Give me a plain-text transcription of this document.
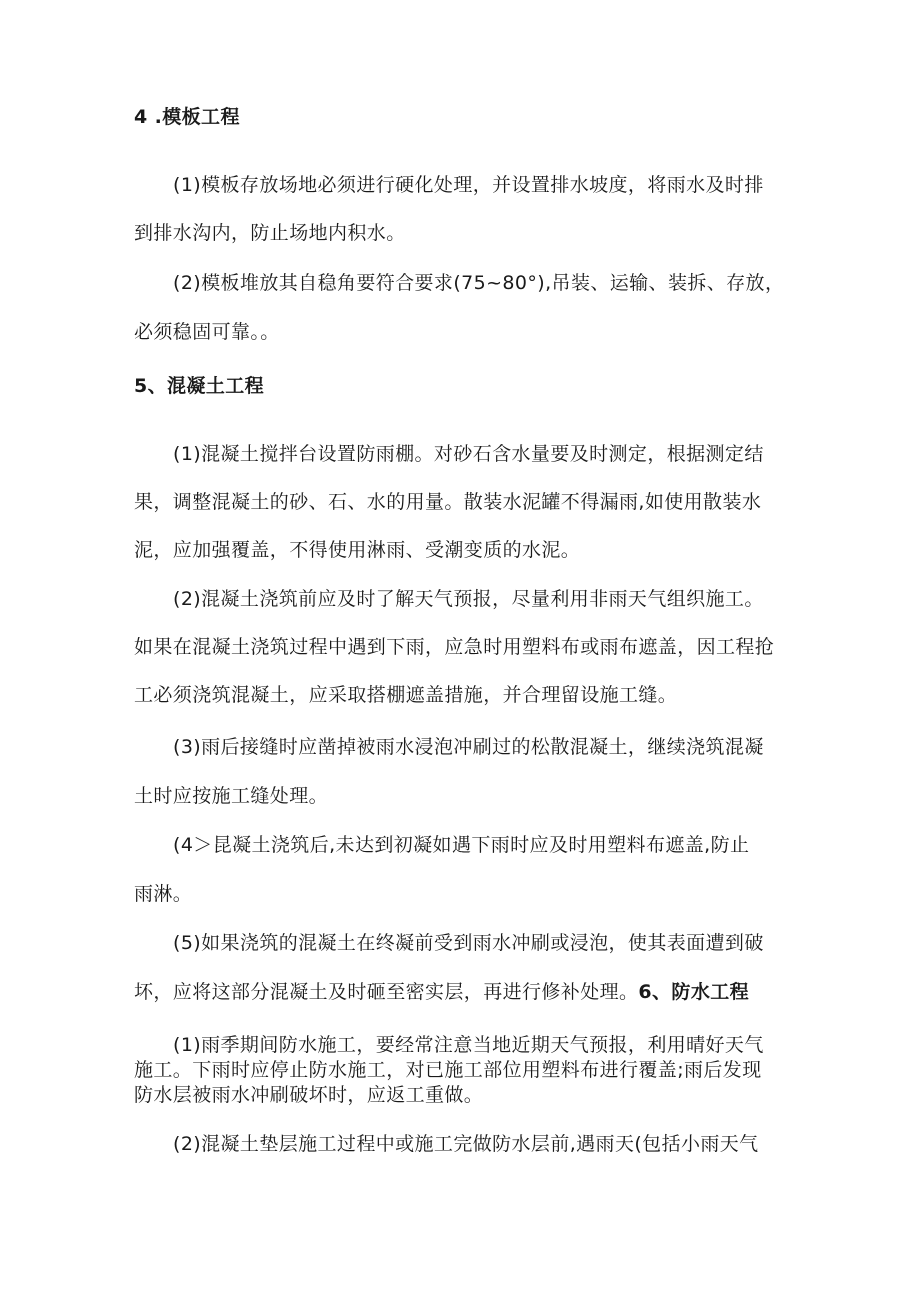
4 .模板工程

(1)模板存放场地必须进行硬化处理，并设置排水坡度，将雨水及时排

到排水沟内，防止场地内积水。

(2)模板堆放其自稳角要符合要求(75~80°),吊装、运输、装拆、存放，

必须稳固可靠。。

5、混凝土工程

(1)混凝土搅拌台设置防雨棚。对砂石含水量要及时测定，根据测定结

果，调整混凝土的砂、石、水的用量。散装水泥罐不得漏雨,如使用散装水

泥，应加强覆盖，不得使用淋雨、受潮变质的水泥。

(2)混凝土浇筑前应及时了解天气预报，尽量利用非雨天气组织施工。

如果在混凝土浇筑过程中遇到下雨，应急时用塑料布或雨布遮盖，因工程抢

工必须浇筑混凝土，应采取搭棚遮盖措施，并合理留设施工缝。

(3)雨后接缝时应凿掉被雨水浸泡冲刷过的松散混凝土，继续浇筑混凝

土时应按施工缝处理。

(4＞昆凝土浇筑后,未达到初凝如遇下雨时应及时用塑料布遮盖,防止

雨淋。

(5)如果浇筑的混凝土在终凝前受到雨水冲刷或浸泡，使其表面遭到破

坏，应将这部分混凝土及时砸至密实层，再进行修补处理。6、防水工程

(1)雨季期间防水施工，要经常注意当地近期天气预报，利用晴好天气

施工。下雨时应停止防水施工，对已施工部位用塑料布进行覆盖;雨后发现

防水层被雨水冲刷破坏时，应返工重做。

(2)混凝土垫层施工过程中或施工完做防水层前,遇雨天(包括小雨天气
